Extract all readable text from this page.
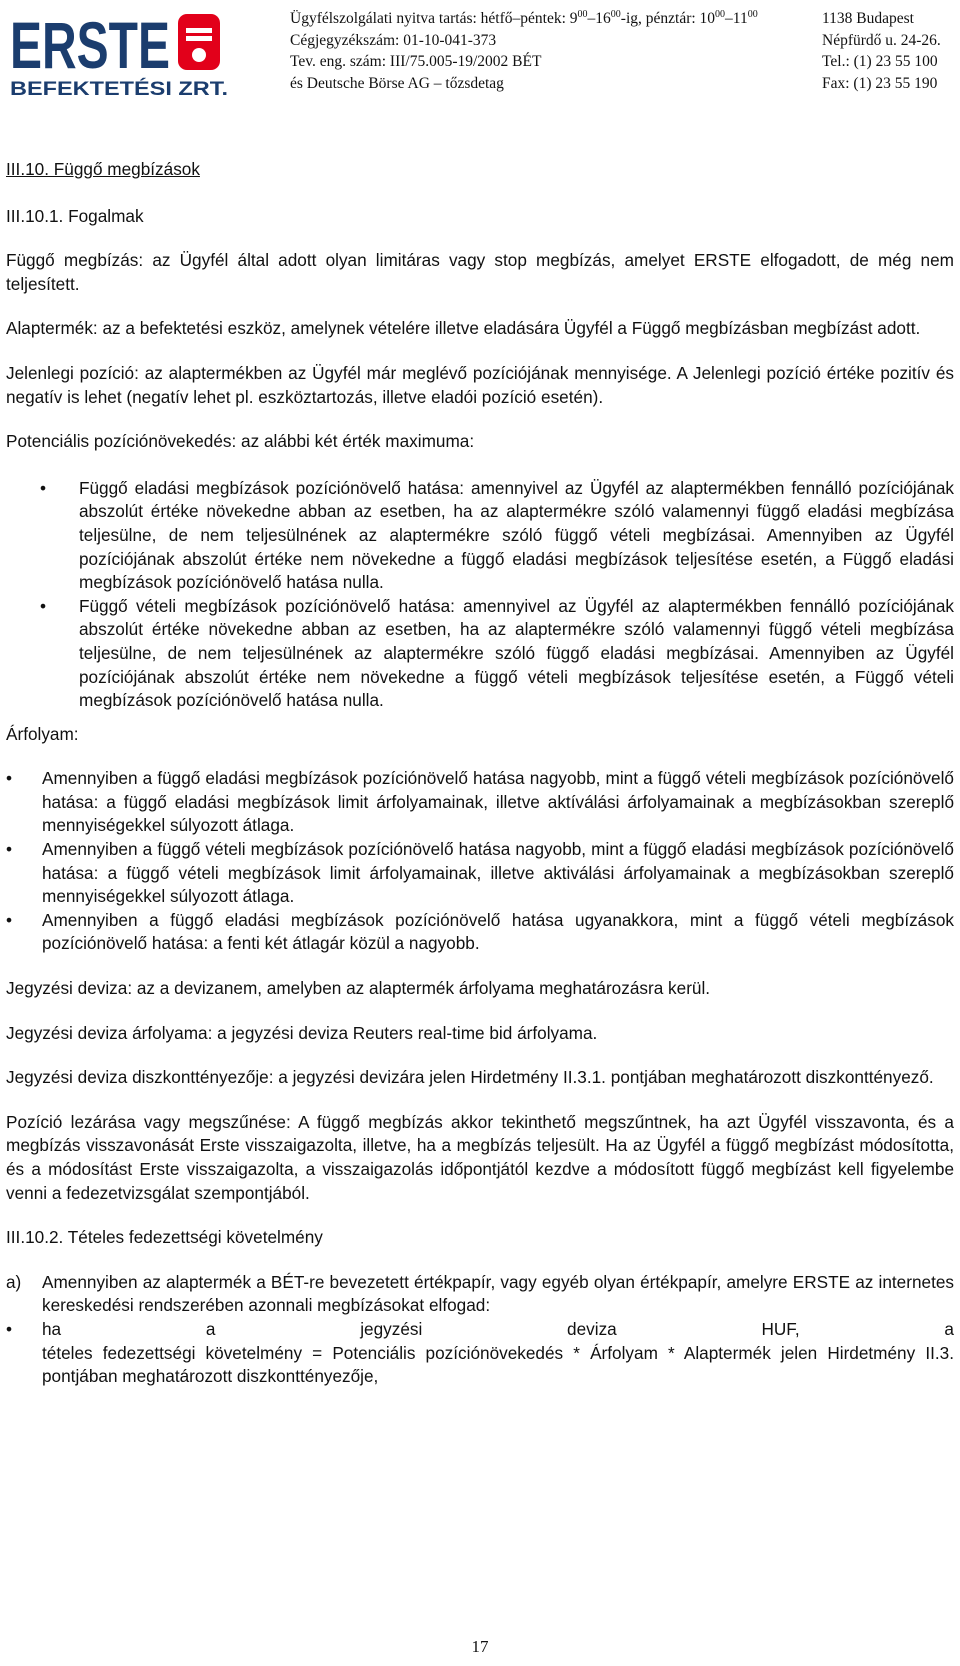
ERSTE
BEFEKTETÉSI ZRT.
Ügyfélszolgálati nyitva tartás: hétfő–péntek: $9^{00}-16^{00}-ig$, pénztár: $10^{00}-11^{00}$
Cégjegyzékszám: 01-10-041-373
Tev. eng. szám: III/75.005-19/2002 BÉT
és Deutsche Börse AG – tőzsdetag
1138 Budapest
Népfürdő u. 24-26.
Tel.: (1) 23 55 100
Fax: (1) 23 55 190

III.10. Függő megbízások

III.10.1. Fogalmak

Függő megbízás: az Ügyfél által adott olyan limitáras vagy stop megbízás, amelyet ERSTE elfogadott, de még nem teljesített.

Alaptermék: az a befektetési eszköz, amelynek vételére illetve eladására Ügyfél a Függő megbízásban megbízást adott.

Jelenlegi pozíció: az alaptermékben az Ügyfél már meglévő pozíciójának mennyisége. A Jelenlegi pozíció értéke pozitív és negatív is lehet (negatív lehet pl. eszköztartozás, illetve eladói pozíció esetén).

Potenciális pozíciónövekedés: az alábbi két érték maximuma:

• Függő eladási megbízások pozíciónövelő hatása: amennyivel az Ügyfél az alaptermékben fennálló pozíciójának abszolút értéke növekedne abban az esetben, ha az alaptermékre szóló valamennyi függő eladási megbízása teljesülne, de nem teljesülnének az alaptermékre szóló függő vételi megbízásai. Amennyiben az Ügyfél pozíciójának abszolút értéke nem növekedne a függő eladási megbízások teljesítése esetén, a Függő eladási megbízások pozíciónövelő hatása nulla.
• Függő vételi megbízások pozíciónövelő hatása: amennyivel az Ügyfél az alaptermékben fennálló pozíciójának abszolút értéke növekedne abban az esetben, ha az alaptermékre szóló valamennyi függő vételi megbízása teljesülne, de nem teljesülnének az alaptermékre szóló függő eladási megbízásai. Amennyiben az Ügyfél pozíciójának abszolút értéke nem növekedne a függő vételi megbízások teljesítése esetén, a Függő vételi megbízások pozíciónövelő hatása nulla.

Árfolyam:

• Amennyiben a függő eladási megbízások pozíciónövelő hatása nagyobb, mint a függő vételi megbízások pozíciónövelő hatása: a függő eladási megbízások limit árfolyamainak, illetve aktíválási árfolyamainak a megbízásokban szereplő mennyiségekkel súlyozott átlaga.
• Amennyiben a függő vételi megbízások pozíciónövelő hatása nagyobb, mint a függő eladási megbízások pozíciónövelő hatása: a függő vételi megbízások limit árfolyamainak, illetve aktiválási árfolyamainak a megbízásokban szereplő mennyiségekkel súlyozott átlaga.
• Amennyiben a függő eladási megbízások pozíciónövelő hatása ugyanakkora, mint a függő vételi megbízások pozíciónövelő hatása: a fenti két átlagár közül a nagyobb.

Jegyzési deviza: az a devizanem, amelyben az alaptermék árfolyama meghatározásra kerül.

Jegyzési deviza árfolyama: a jegyzési deviza Reuters real-time bid árfolyama.

Jegyzési deviza diszkonttényezője: a jegyzési devizára jelen Hirdetmény II.3.1. pontjában meghatározott diszkonttényező.

Pozíció lezárása vagy megszűnése: A függő megbízás akkor tekinthető megszűntnek, ha azt Ügyfél visszavonta, és a megbízás visszavonását Erste visszaigazolta, illetve, ha a megbízás teljesült. Ha az Ügyfél a függő megbízást módosította, és a módosítást Erste visszaigazolta, a visszaigazolás időpontjától kezdve a módosított függő megbízást kell figyelembe venni a fedezetvizsgálat szempontjából.

III.10.2. Tételes fedezettségi követelmény

a) Amennyiben az alaptermék a BÉT-re bevezetett értékpapír, vagy egyéb olyan értékpapír, amelyre ERSTE az internetes kereskedési rendszerében azonnali megbízásokat elfogad:
• ha a jegyzési deviza HUF, a
tételes fedezettségi követelmény = Potenciális pozíciónövekedés * Árfolyam * Alaptermék jelen Hirdetmény II.3. pontjában meghatározott diszkonttényezője,
17
